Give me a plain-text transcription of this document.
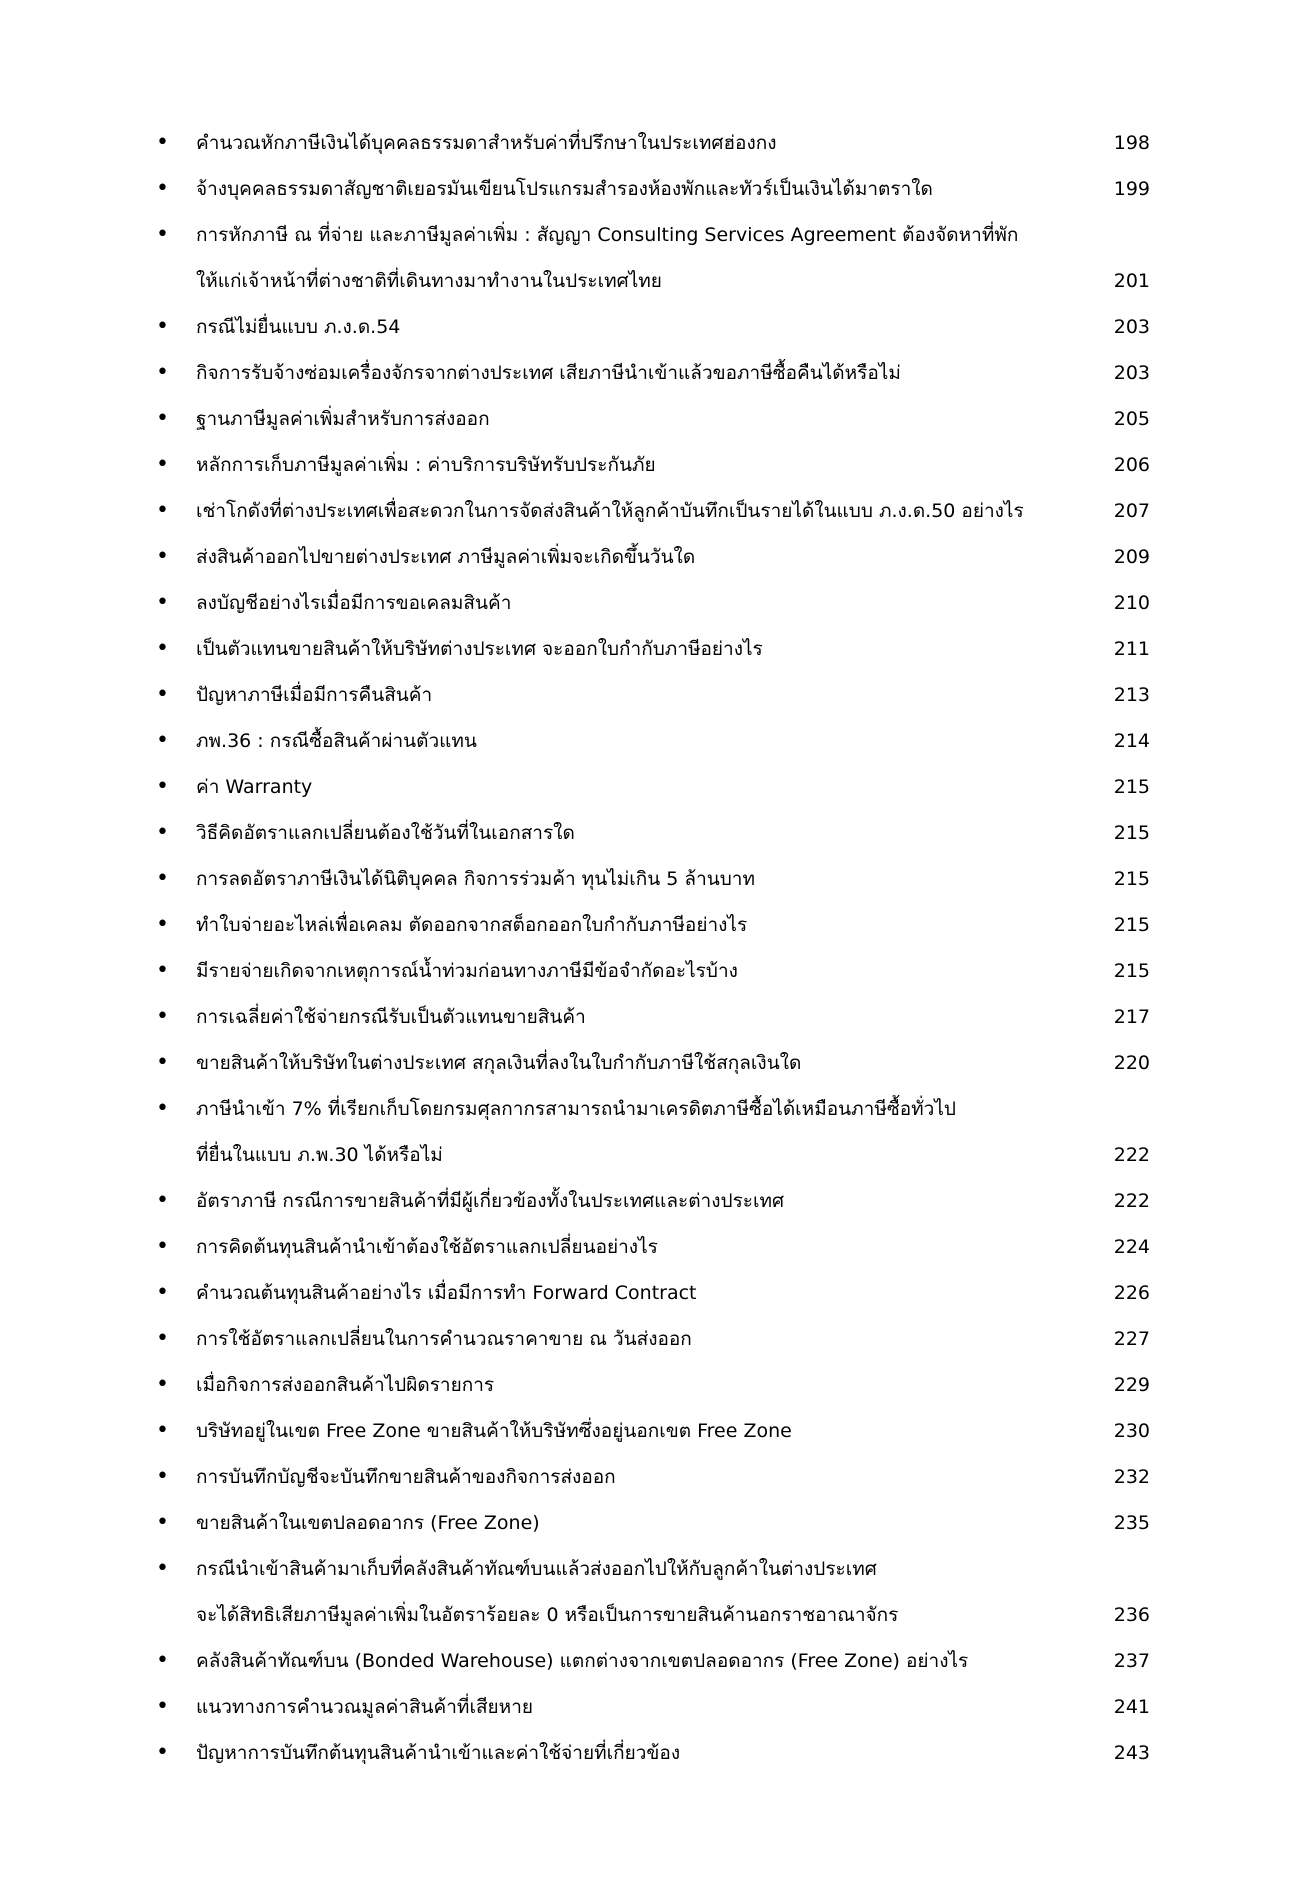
•	คำนวณหักภาษีเงินได้บุคคลธรรมดาสำหรับค่าที่ปรึกษาในประเทศฮ่องกง	198
•	จ้างบุคคลธรรมดาสัญชาติเยอรมันเขียนโปรแกรมสำรองห้องพักและทัวร์เป็นเงินได้มาตราใด	199
•	การหักภาษี ณ ที่จ่าย และภาษีมูลค่าเพิ่ม : สัญญา Consulting Services Agreement ต้องจัดหาที่พัก
ให้แก่เจ้าหน้าที่ต่างชาติที่เดินทางมาทำงานในประเทศไทย	201
•	กรณีไม่ยื่นแบบ ภ.ง.ด.54	203
•	กิจการรับจ้างซ่อมเครื่องจักรจากต่างประเทศ เสียภาษีนำเข้าแล้วขอภาษีซื้อคืนได้หรือไม่	203
•	ฐานภาษีมูลค่าเพิ่มสำหรับการส่งออก	205
•	หลักการเก็บภาษีมูลค่าเพิ่ม : ค่าบริการบริษัทรับประกันภัย	206
•	เช่าโกดังที่ต่างประเทศเพื่อสะดวกในการจัดส่งสินค้าให้ลูกค้าบันทึกเป็นรายได้ในแบบ ภ.ง.ด.50 อย่างไร	207
•	ส่งสินค้าออกไปขายต่างประเทศ ภาษีมูลค่าเพิ่มจะเกิดขึ้นวันใด	209
•	ลงบัญชีอย่างไรเมื่อมีการขอเคลมสินค้า	210
•	เป็นตัวแทนขายสินค้าให้บริษัทต่างประเทศ จะออกใบกำกับภาษีอย่างไร	211
•	ปัญหาภาษีเมื่อมีการคืนสินค้า	213
•	ภพ.36 : กรณีซื้อสินค้าผ่านตัวแทน	214
•	ค่า Warranty	215
•	วิธีคิดอัตราแลกเปลี่ยนต้องใช้วันที่ในเอกสารใด	215
•	การลดอัตราภาษีเงินได้นิติบุคคล กิจการร่วมค้า ทุนไม่เกิน 5 ล้านบาท	215
•	ทำใบจ่ายอะไหล่เพื่อเคลม ตัดออกจากสต็อกออกใบกำกับภาษีอย่างไร	215
•	มีรายจ่ายเกิดจากเหตุการณ์น้ำท่วมก่อนทางภาษีมีข้อจำกัดอะไรบ้าง	215
•	การเฉลี่ยค่าใช้จ่ายกรณีรับเป็นตัวแทนขายสินค้า	217
•	ขายสินค้าให้บริษัทในต่างประเทศ สกุลเงินที่ลงในใบกำกับภาษีใช้สกุลเงินใด	220
•	ภาษีนำเข้า 7% ที่เรียกเก็บโดยกรมศุลกากรสามารถนำมาเครดิตภาษีซื้อได้เหมือนภาษีซื้อทั่วไป
ที่ยื่นในแบบ ภ.พ.30 ได้หรือไม่	222
•	อัตราภาษี กรณีการขายสินค้าที่มีผู้เกี่ยวข้องทั้งในประเทศและต่างประเทศ	222
•	การคิดต้นทุนสินค้านำเข้าต้องใช้อัตราแลกเปลี่ยนอย่างไร	224
•	คำนวณต้นทุนสินค้าอย่างไร เมื่อมีการทำ Forward Contract	226
•	การใช้อัตราแลกเปลี่ยนในการคำนวณราคาขาย ณ วันส่งออก	227
•	เมื่อกิจการส่งออกสินค้าไปผิดรายการ	229
•	บริษัทอยู่ในเขต Free Zone ขายสินค้าให้บริษัทซึ่งอยู่นอกเขต Free Zone	230
•	การบันทึกบัญชีจะบันทึกขายสินค้าของกิจการส่งออก	232
•	ขายสินค้าในเขตปลอดอากร (Free Zone)	235
•	กรณีนำเข้าสินค้ามาเก็บที่คลังสินค้าทัณฑ์บนแล้วส่งออกไปให้กับลูกค้าในต่างประเทศ
จะได้สิทธิเสียภาษีมูลค่าเพิ่มในอัตราร้อยละ 0 หรือเป็นการขายสินค้านอกราชอาณาจักร	236
•	คลังสินค้าทัณฑ์บน (Bonded Warehouse) แตกต่างจากเขตปลอดอากร (Free Zone) อย่างไร	237
•	แนวทางการคำนวณมูลค่าสินค้าที่เสียหาย	241
•	ปัญหาการบันทึกต้นทุนสินค้านำเข้าและค่าใช้จ่ายที่เกี่ยวข้อง	243
